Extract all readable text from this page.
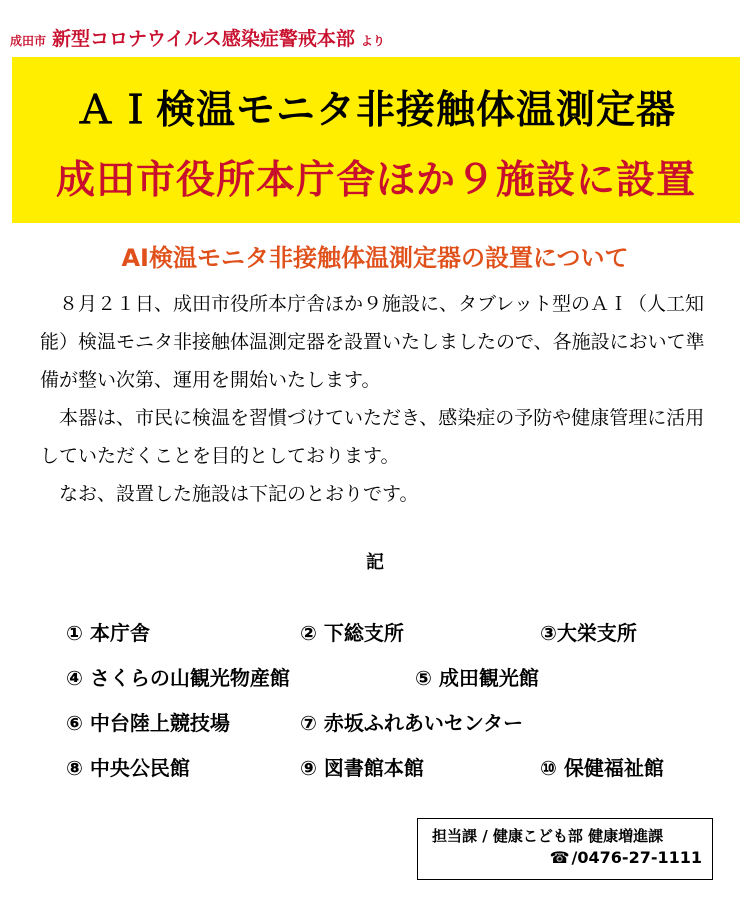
成田市 新型コロナウイルス感染症警戒本部 より
ＡＩ検温モニタ非接触体温測定器
成田市役所本庁舎ほか９施設に設置
AI検温モニタ非接触体温測定器の設置について

８月２１日、成田市役所本庁舎ほか９施設に、タブレット型のＡＩ（人工知能）検温モニタ非接触体温測定器を設置いたしましたので、各施設において準備が整い次第、運用を開始いたします。

本器は、市民に検温を習慣づけていただき、感染症の予防や健康管理に活用していただくことを目的としております。

なお、設置した施設は下記のとおりです。

記
① 本庁舎	② 下総支所	③大栄支所
④ さくらの山観光物産館	⑤ 成田観光館
⑥ 中台陸上競技場	⑦ 赤坂ふれあいセンター
⑧ 中央公民館	⑨ 図書館本館	⑩ 保健福祉館
担当課 / 健康こども部 健康増進課
☎ /0476-27-1111
